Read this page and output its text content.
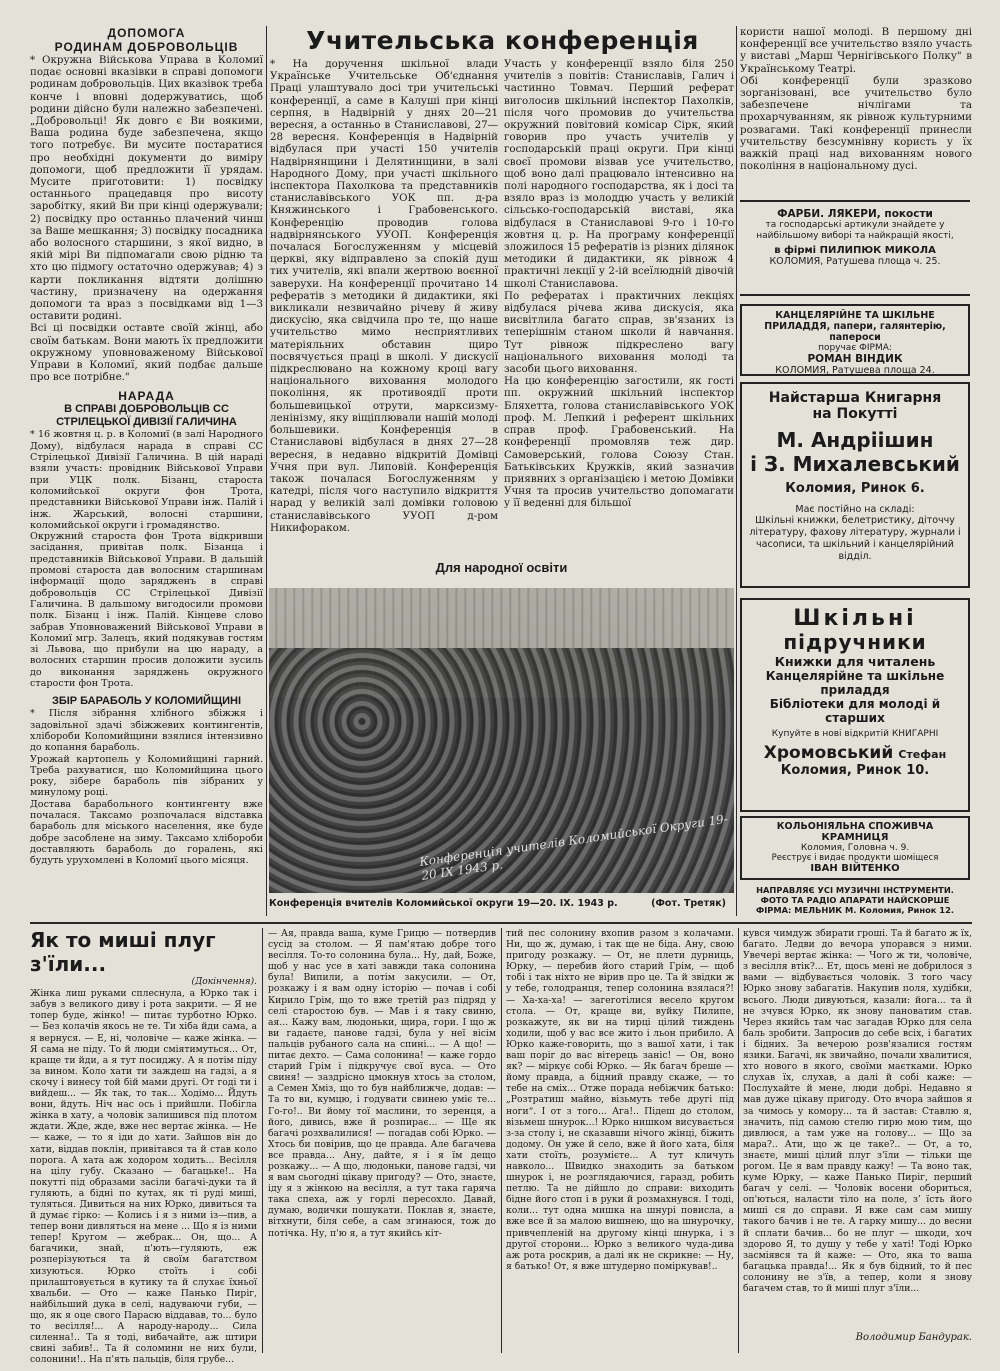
ДОПОМОГА
РОДИНАМ ДОБРОВОЛЬЦІВ

* Окружна Військова Управа в Коломиї подає основні вказівки в справі допомоги родинам добровольців. Цих вказівок треба конче і вповні додержуватись, щоб родини дійсно були належно забезпечені. „Добровольці! Як довго є Ви воякими, Ваша родина буде забезпечена, якщо того потребує. Ви мусите постаратися про необхідні документи до виміру допомоги, щоб предложити її урядам. Мусите приготовити: 1) посвідку останнього працедавця про висоту заробітку, який Ви при кінці одержували; 2) посвідку про останньо плачений чинш за Ваше мешкання; 3) посвідку посадника або волосного старшини, з якої видно, в якій мірі Ви підпомагали свою рідню та хто цю підмогу остаточно одержував; 4) з карти покликання відтяти долішню частину, призначену на одержання допомоги та враз з посвідками від 1—3 оставити родині.

Всі ці посвідки оставте своїй жінці, або своїм батькам. Вони мають їх предложити окружному уповноваженому Військової Управи в Коломиї, який подбає дальше про все потрібне."

НАРАДА
В СПРАВІ ДОБРОВОЛЬЦІВ СС
СТРІЛЕЦЬКОЇ ДИВІЗІЇ ГАЛИЧИНА

* 16 жовтня ц. р. в Коломиї (в залі Народного Дому), відбулася нарада в справі СС Стрілецької Дивізії Галичина. В цій нараді взяли участь: провідник Військової Управи при УЦК полк. Бізанц, староста коломийської округи фон Трота, представники Військової Управи інж. Палій і інж. Жарський, волосні старшини, коломийської округи і громадянство.

Окружний староста фон Трота відкривши засідання, привітав полк. Бізанца і представників Військової Управи. В дальшій промові староста дав волосним старшинам інформації щодо зарядженъ в справі добровольців СС Стрілецької Дивізії Галичина. В дальшому вигодосили промови полк. Бізанц і інж. Палій. Кінцеве слово забрав Уповноважений Військової Управи в Коломиї мгр. Залецъ, який подякував гостям зі Львова, що прибули на цю нараду, а волосних старшин просив доложити зусиль до виконання заряджень окружного старости фон Трота.

ЗБІР БАРАБОЛЬ У КОЛОМИЙЩИНІ

* Після зібрання хлібного збіжжя і задовільної здачі збіжжевих контингентів, хлібороби Коломийщини взялися інтензивно до копання бараболь.

Урожай картопель у Коломийщині гарний. Треба рахуватися, що Коломийщина цього року, зібере бараболь пів зібраних у минулому році.

Достава барабольного контингенту вже почалася. Таксамо розпочалася відставка бараболь для міського населення, яке буде добре засоблене на зиму. Таксамо хлібороби доставляють бараболь до гоpалень, які будуть урухомлені в Коломиї цього місяця.

Учительська конференція

* На доручення шкільної влади Українське Учительське Об'єднання Праці улаштувало досі три учительські конференції, а саме в Калуші при кінці серпня, в Надвірній у днях 20—21 вересня, а останньо в Станиславові, 27—28 вересня. Конференція в Надвірній відбулася при участі 150 учителів Надвірнянщини і Делятинщини, в залі Народного Дому, при участі шкільного інспектора Пахолкова та представників станиславівського УОК пп. д-ра Княжинського і Грабовенського. Конференцію проводив голова надвірнянського УУОП. Конференція почалася Богослуженням у місцевій церкві, яку відправлено за спокій душ тих учителів, які впали жертвою воєнної заверухи. На конференції прочитано 14 рефератів з методики й дидактики, які викликали незвичайно річеву й живу дискусію, яка свідчила про те, що наше учительство мимо несприятливих матеріяльних обставин щиро посвячується праці в школі. У дискусії підкреслювано на кожному кроці вагу національного виховання молодого покоління, як противоядії проти большевицької отрути, марксизму-ленінізму, яку віщіплювали нашій молоді большевики. Конференція в Станиславові відбулася в днях 27—28 вересня, в недавно відкритій Домівці Учня при вул. Липовій. Конференція також почалася Богослуженням у катедрі, після чого наступило відкриття нарад у великій залі домівки головою станиславівського УУОП д-ром Никифорaком.

Участь у конференції взяло біля 250 учителів з повітів: Станиславів, Галич і частинно Товмач. Перший реферат виголосив шкільний інспектор Пахолків, після чого промовив до учительства окружний повітовий комісар Сірк, який говорив про участь учителів у господарській праці округи. При кінці своєї промови візвав усе учительство, щоб воно далі працювало інтенсивно на полі народного господарства, як і досі та взяло враз із молоддю участь у великій сільсько-господарській виставі, яка відбулася в Станиславові 9-го і 10-го жовтня ц. р. На програму конференції зложилося 15 рефератів із різних ділянок методики й дидактики, як рівнож 4 практичні лекції у 2-ій всеїлюдній дівочій школі Станиславова.

По рефератах і практичних лекціях відбулася річева жива дискусія, яка висвітлила багато справ, зв'язаних із теперішнім станом школи й навчання. Тут рівнож підкреслено вагу національного виховання молоді та засоби цього виховання.

На цю конференцію загостили, як гості пп. окружний шкільний інспектор Бляхетта, голова станиславівського УОК проф. М. Лепкий і референт шкільних справ проф. Грабовенський. На конференції промовляв теж дир. Самоверський, голова Союзу Стан. Батьківських Кружків, який зазначив приявних з організацією і метою Домівки Учня та просив учительство допомагати у її веденні для більшої

Для народної освіти
Конференція учителів Коломийської Округи 19-20 IX 1943 р.
Конференція вчителів Коломийської округи 19—20. IX. 1943 р.	(Фот. Третяк)

користи нашої молоді. В першому дні конференції все учительство взяло участь у виставі „Марш Чернігівського Полку" в Українському Театрі.

Обі конференції були зразково зорганізовані, все учительство було забезпечене нічлігами та прохарчуванням, як рівнож культурними розвагами. Такі конференції принесли учительству безсумнівну користь у їх важкій праці над вихованням нового покоління в національному дусі.

ФАРБИ. ЛЯКЕРИ, покости

та господарські артикули знайдете у найбільшому виборі та найкращій якості,

в фірмі ПИЛИПЮК МИКОЛА

КОЛОМИЯ, Ратушева площа ч. 25.

КАНЦЕЛЯРІЙНЕ ТА ШКІЛЬНЕ ПРИЛАДДЯ, папери, галянтерію, папероси

поручає ФІРМА:

РОМАН ВІНДИК

КОЛОМИЯ, Ратушева площа 24.

Найстарша Книгарня

на Покутті

М. Андріішин

і З. Михалевський

Коломия, Ринок 6.

Має постійно на складі:

Шкільні книжки, белетристику, діточчу літературу, фахову літературу, журнали і часописи, та шкільний і канцелярійний відділ.

Шкільні

підручники

Книжки для читалень

Канцелярійне та шкільне приладдя

Бібліотеки для молоді й старших

Купуйте в нові відкритій КНИГАРНІ

Хромовський Стефан

Коломия, Ринок 10.

КОЛЬОНІЯЛЬНА СПОЖИВЧА

КРАМНИЦЯ

Коломия, Головна ч. 9.

Реєструє і видає продукти шоміщеся

ІВАН ВІЙТЕНКО

НАПРАВЛЯЄ УСІ МУЗИЧНІ ІНСТРУМЕНТИ. ФОТО ТА РАДІО АПАРАТИ НАЙСКОРШЕ ФІРМА: МЕЛЬНИК М. Коломия, Ринок 12.

Як то миші плуг з'їли...

(Докінчення).

Жінка лиш руками сплеснула, а Юрко так і забув з великого диву і рота закрити. — Я не топер буде, жінко! — питає турботно Юрко. — Без колачів якось не те. Ти хіба йди сама, а я вернуся. — Е, ні, чоловіче — каже жінка. — Я сама не піду. То й люди сміятимуться... От, краще ти йди, а я тут посиджу. А я потім піду за вином. Коло хати ти заждеш на гадзі, а я скочу і винесу той бій мами другі. От годі ти і вийдеш... — Як так, то так... Ходімо... Йдуть вони, йдуть. Ніч нас ось і прийшли. Побігла жінка в хату, а чоловік залишився під плотом ждати. Жде, жде, вже нес вертає жінка. — Не — каже, — то я іди до хати. Зайшов він до хати, віддав поклін, привітався та й став коло порога. А хата аж ходором ходить... Весілля на цілу губу. Сказано — багацьке!.. На покутті під образами засіли багачі-дуки та й гуляють, а бідні по кутах, як ті руді миші, туляться. Дивиться на них Юрко, дивиться та й думає гірко: — Колись і я з ними із—пив, а тепер вони дивляться на мене ... Що я із ними тепер! Кругом — жебрак... Он, що... А багачики, знай, п'ють—гуляють, еж розперізуються та й своїм багатством хизуються. Юрко стоїть і собі прилаштовується в кутику та й слухає їхньої хвальби. — Ото — каже Панько Пиріг, найбільший дука в селі, надуваючи губи, — що, як я оце свого Парасю віддавав, то... було то весілля!... А народу-народу... Сила силенна!.. Та я тоді, вибачайте, аж штири свині забив!.. Та й соломини не них були, солонини!.. На п'ять пальців, біля грубе...

— Ая, правда ваша, куме Грицю — потвердив сусід за столом. — Я пам'ятаю добре того весілля. То-то солонина була... Ну, дай, Боже, щоб у нас усе в хаті завжди така солонина була! Випили, а потім закусили. — От, розкажу і я вам одну історію — почав і собі Кирило Грім, що то вже третій раз підряд у селі старостою був. — Мав і я таку свиню, ая... Кажу вам, людоньки, щира, гори. І що ж ви гадаєте, панове гадзі, була у неї вісім пальців рубаного сала на спині... — А що! — питає дехто. — Сама солонина! — каже гордо старий Грім і підкручує свої вуса. — Ото свиня! — заздрісно цмокнув хтось за столом, а Семен Хміз, що то був найближче, додав: — Та то ви, кумцю, і годувати свинею уміє те... Го-го!.. Ви йому тої маслини, то зеренця, а його, дивись, вже й розпирає... — Ще як багачі розхвалилися! — погадав собі Юрко. — Хтось би повірив, що це правда. Але багачева все правда... Ану, дайте, я і я їм дещо розкажу... — А що, людоньки, панове гадзі, чи я вам сьогодні цікаву пригоду? — Ото, знаєте, іду я з жінкою на весілля, а тут така гаряча така спеха, аж у горлі пересохло. Давай, думаю, водички пошукати. Поклав я, знаєте, вітхнути, біля себе, а сам згинаюся, тож до потічка. Ну, п'ю я, а тут якийсь кіт-

тий пес солонину вхопив разом з колачами. Ни, що ж, думаю, і так ще не біда. Ану, свою пригоду розкажу. — От, не плети дурниць, Юрку, — перебив його старий Грім, — щоб тобі і так ніхто не вірив про це. Та й звідки ж у тебе, голодранця, тепер солонина взялася?! — Ха-ха-ха! — загеготілися весело кругом стола. — От, краще ви, вуйку Пилипе, розкажуте, як ви на тирці цілий тиждень ходили, щоб у вас все жито і льон прибило. А Юрко каже-говорить, що з вашої хати, і так ваш поріг до вас вітерець заніс! — Он, воно як? — міркує собі Юрко. — Як багач бреше — йому правда, а бідний правду скаже, — то тебе на сміх... Отже порада небіжчик батько: „Розтратиш майно, візьмуть тебе другі під ноги“. І от з того... Ага!.. Підеш до столом, візьмеш шнурок...! Юрко нишком висувається з-за столу і, не сказавши нічого жінці, біжить додому. Он уже й село, вже й його хата, біля хати стоїть, розумієте... А тут кличуть навколо... Швидко знаходить за батьком шнурок і, не розглядаючися, гаразд, робить петлю. Та не дійшло до справи: виходить бідне його стоп і в руки й розмахнувся. І тоді, коли... тут одна мишка на шнурі повисла, а вже все й за малою вишнею, що на шнурочку, привчепленій на другому кінці шнурка, і з другої сторони... Юрко з великого чуда-дива аж рота роскрив, а далі як не скрикне: — Ну, я батько! От, я вже штудерно поміркував!..

кувся чимдуж збирати гроші. Та й багато ж їх, багато. Ледви до вечора упорався з ними. Увечері вертає жінка: — Чого ж ти, чоловіче, з весілля втік?... Ет, щось мені не добрилося з вами — відбувається чоловік. З того часу Юрко знову забагатів. Накупив поля, худібки, всього. Люди дивуються, казали: йога... та й не зчувся Юрко, як знову пановатим став. Через якийсь там час загадав Юрко для села баль зробити. Запросив до себе всіх, і багатих і бідних. За вечерою розв'язалися гостям язики. Багачі, як звичайно, почали хвалитися, хто нового в якого, своїми маєтками. Юрко слухав їх, слухав, а далі й собі каже: — Послухайте й мене, люди добрі. Недавно я мав дуже цікаву пригоду. Ото вчора зайшов я за чимось у комору... та й застав: Ставлю я, значить, під самою стелю гирю мою тим, що дивлюся, а там уже на голову... — Що за мара?.. Ати, що ж це таке?.. — От, а то, знаєте, миші цілий плуг з'їли — тільки ще рогом. Це я вам правду кажу! — Та воно так, куме Юрку, — каже Панько Пиріг, перший багач у селі. — Чоловік восени обориться, оп'ються, наласти тіло на поле, з’ їсть його миші ся до справи. Я вже сам сам мишу такого бачив і не те. А гарку мишу... до весни й сплати бачив... бо не плуг — шкоди, хоч здорово Я, то душу у тебе у хаті! Тоді Юрко засміявся та й каже: — Ото, яка то ваша багацька правда!... Як я був бідний, то й пес солонину не з'їв, а тепер, коли я знову багачем став, то й миші плуг з'їли...

Володимир Бандурак.
